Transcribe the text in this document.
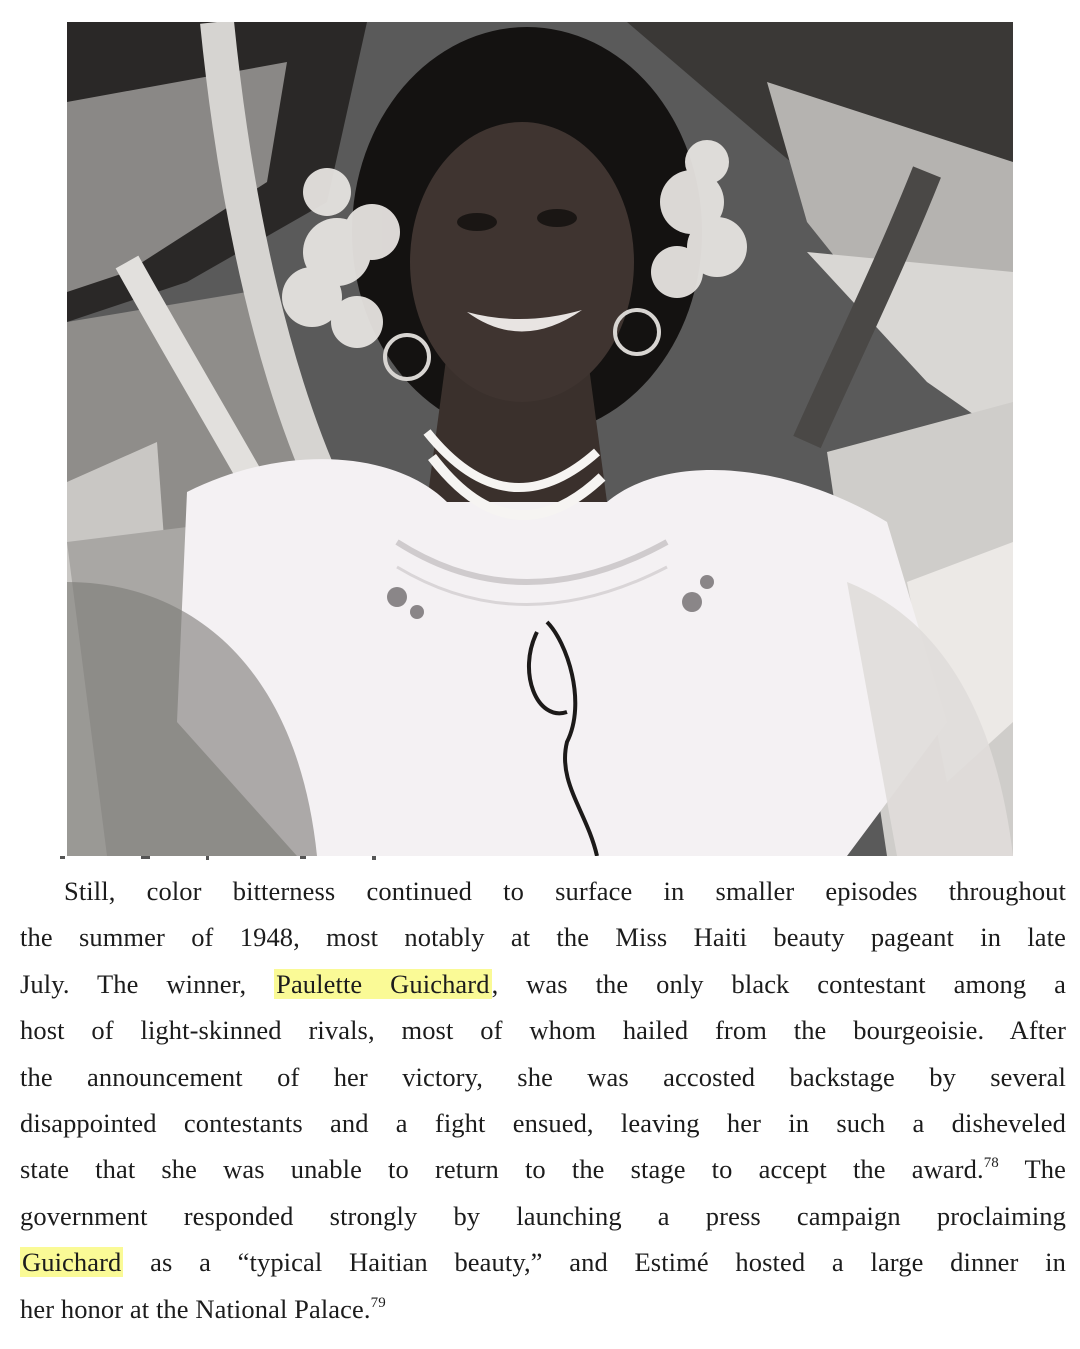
Still, color bitterness continued to surface in smaller episodes throughout
the summer of 1948, most notably at the Miss Haiti beauty pageant in late
July. The winner, Paulette Guichard, was the only black contestant among a
host of light-skinned rivals, most of whom hailed from the bourgeoisie. After
the announcement of her victory, she was accosted backstage by several
disappointed contestants and a fight ensued, leaving her in such a disheveled
state that she was unable to return to the stage to accept the award.$^{78}$ The
government responded strongly by launching a press campaign proclaiming
Guichard as a “typical Haitian beauty,” and Estimé hosted a large dinner in
her honor at the National Palace.$^{79}$
